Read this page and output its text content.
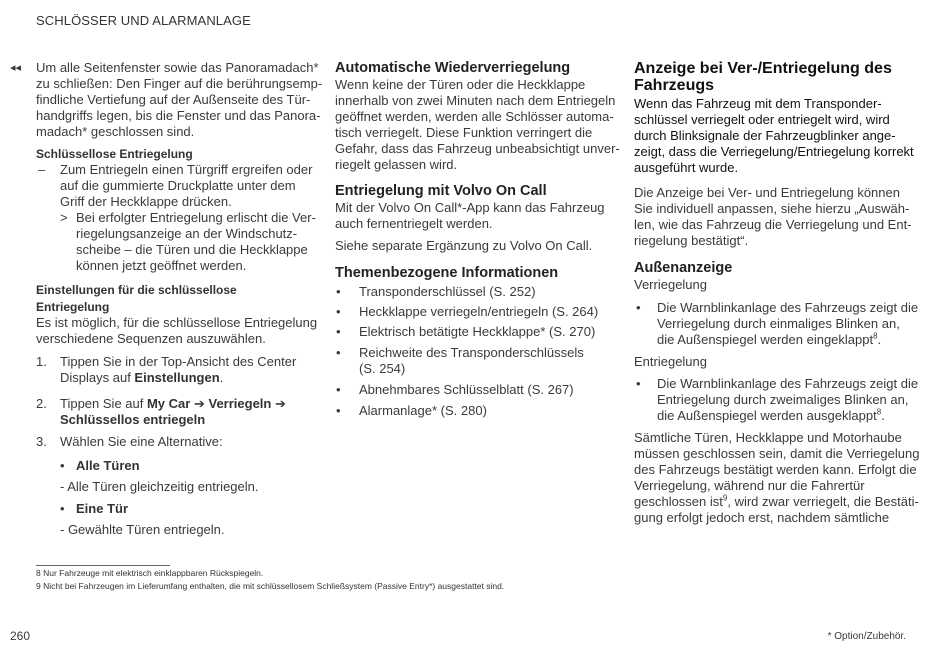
SCHLÖSSER UND ALARMANLAGE
◂◂ Um alle Seitenfenster sowie das Panoramadach*
zu schließen: Den Finger auf die berührungsemp-
findliche Vertiefung auf der Außenseite des Tür-
handgriffs legen, bis die Fenster und das Panora-
madach* geschlossen sind.
Schlüssellose Entriegelung
– Zum Entriegeln einen Türgriff ergreifen oder
auf die gummierte Druckplatte unter dem
Griff der Heckklappe drücken.
> Bei erfolgter Entriegelung erlischt die Ver-
riegelungsanzeige an der Windschutz-
scheibe – die Türen und die Heckklappe
können jetzt geöffnet werden.
Einstellungen für die schlüssellose
Entriegelung
Es ist möglich, für die schlüssellose Entriegelung
verschiedene Sequenzen auszuwählen.
1. Tippen Sie in der Top-Ansicht des Center
Displays auf Einstellungen.
2. Tippen Sie auf My Car ➔ Verriegeln ➔
Schlüssellos entriegeln
3. Wählen Sie eine Alternative:
• Alle Türen
- Alle Türen gleichzeitig entriegeln.
• Eine Tür
- Gewählte Türen entriegeln.
Automatische Wiederverriegelung
Wenn keine der Türen oder die Heckklappe
innerhalb von zwei Minuten nach dem Entriegeln
geöffnet werden, werden alle Schlösser automa-
tisch verriegelt. Diese Funktion verringert die
Gefahr, dass das Fahrzeug unbeabsichtigt unver-
riegelt gelassen wird.
Entriegelung mit Volvo On Call
Mit der Volvo On Call*-App kann das Fahrzeug
auch fernentriegelt werden.
Siehe separate Ergänzung zu Volvo On Call.
Themenbezogene Informationen
• Transponderschlüssel (S. 252)
• Heckklappe verriegeln/entriegeln (S. 264)
• Elektrisch betätigte Heckklappe* (S. 270)
• Reichweite des Transponderschlüssels
(S. 254)
• Abnehmbares Schlüsselblatt (S. 267)
• Alarmanlage* (S. 280)
Anzeige bei Ver-/Entriegelung des
Fahrzeugs
Wenn das Fahrzeug mit dem Transponder-
schlüssel verriegelt oder entriegelt wird, wird
durch Blinksignale der Fahrzeugblinker ange-
zeigt, dass die Verriegelung/Entriegelung korrekt
ausgeführt wurde.
Die Anzeige bei Ver- und Entriegelung können
Sie individuell anpassen, siehe hierzu „Auswäh-
len, wie das Fahrzeug die Verriegelung und Ent-
riegelung bestätigt“.
Außenanzeige
Verriegelung
• Die Warnblinkanlage des Fahrzeugs zeigt die
Verriegelung durch einmaliges Blinken an,
die Außenspiegel werden eingeklappt$^8$.
Entriegelung
• Die Warnblinkanlage des Fahrzeugs zeigt die
Entriegelung durch zweimaliges Blinken an,
die Außenspiegel werden ausgeklappt$^8$.
Sämtliche Türen, Heckklappe und Motorhaube
müssen geschlossen sein, damit die Verriegelung
des Fahrzeugs bestätigt werden kann. Erfolgt die
Verriegelung, während nur die Fahrertür
geschlossen ist$^9$, wird zwar verriegelt, die Bestäti-
gung erfolgt jedoch erst, nachdem sämtliche
8 Nur Fahrzeuge mit elektrisch einklappbaren Rückspiegeln.
9 Nicht bei Fahrzeugen im Lieferumfang enthalten, die mit schlüssellosem Schließsystem (Passive Entry*) ausgestattet sind.
260	* Option/Zubehör.
